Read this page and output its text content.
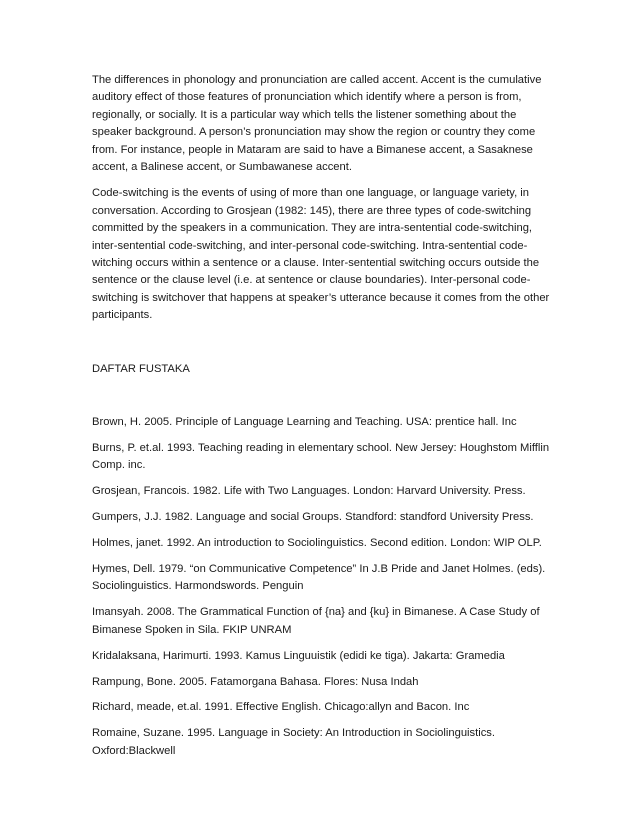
The differences in phonology and pronunciation are called accent. Accent is the cumulative auditory effect of those features of pronunciation which identify where a person is from, regionally, or socially. It is a particular way which tells the listener something about the speaker background. A person’s pronunciation may show the region or country they come from. For instance, people in Mataram are said to have a Bimanese accent, a Sasaknese accent, a Balinese accent, or Sumbawanese accent.

Code-switching is the events of using of more than one language, or language variety, in conversation. According to Grosjean (1982: 145), there are three types of code-switching committed by the speakers in a communication. They are intra-sentential code-switching, inter-sentential code-switching, and inter-personal code-switching. Intra-sentential code-witching occurs within a sentence or a clause. Inter-sentential switching occurs outside the sentence or the clause level (i.e. at sentence or clause boundaries). Inter-personal code-switching is switchover that happens at speaker’s utterance because it comes from the other participants.

DAFTAR FUSTAKA

Brown, H. 2005. Principle of Language Learning and Teaching. USA: prentice hall. Inc

Burns, P. et.al. 1993. Teaching reading in elementary school. New Jersey: Houghstom Mifflin Comp. inc.

Grosjean, Francois. 1982. Life with Two Languages. London: Harvard University. Press.

Gumpers, J.J. 1982. Language and social Groups. Standford: standford University Press.

Holmes, janet. 1992. An introduction to Sociolinguistics. Second edition. London: WIP OLP.

Hymes, Dell. 1979. “on Communicative Competence” In J.B Pride and Janet Holmes. (eds). Sociolinguistics. Harmondswords. Penguin

Imansyah. 2008. The Grammatical Function of {na} and {ku} in Bimanese. A Case Study of Bimanese Spoken in Sila. FKIP UNRAM

Kridalaksana, Harimurti. 1993. Kamus Linguuistik (edidi ke tiga). Jakarta: Gramedia

Rampung, Bone. 2005. Fatamorgana Bahasa. Flores: Nusa Indah

Richard, meade, et.al. 1991. Effective English. Chicago:allyn and Bacon. Inc

Romaine, Suzane. 1995. Language in Society: An Introduction in Sociolinguistics. Oxford:Blackwell
